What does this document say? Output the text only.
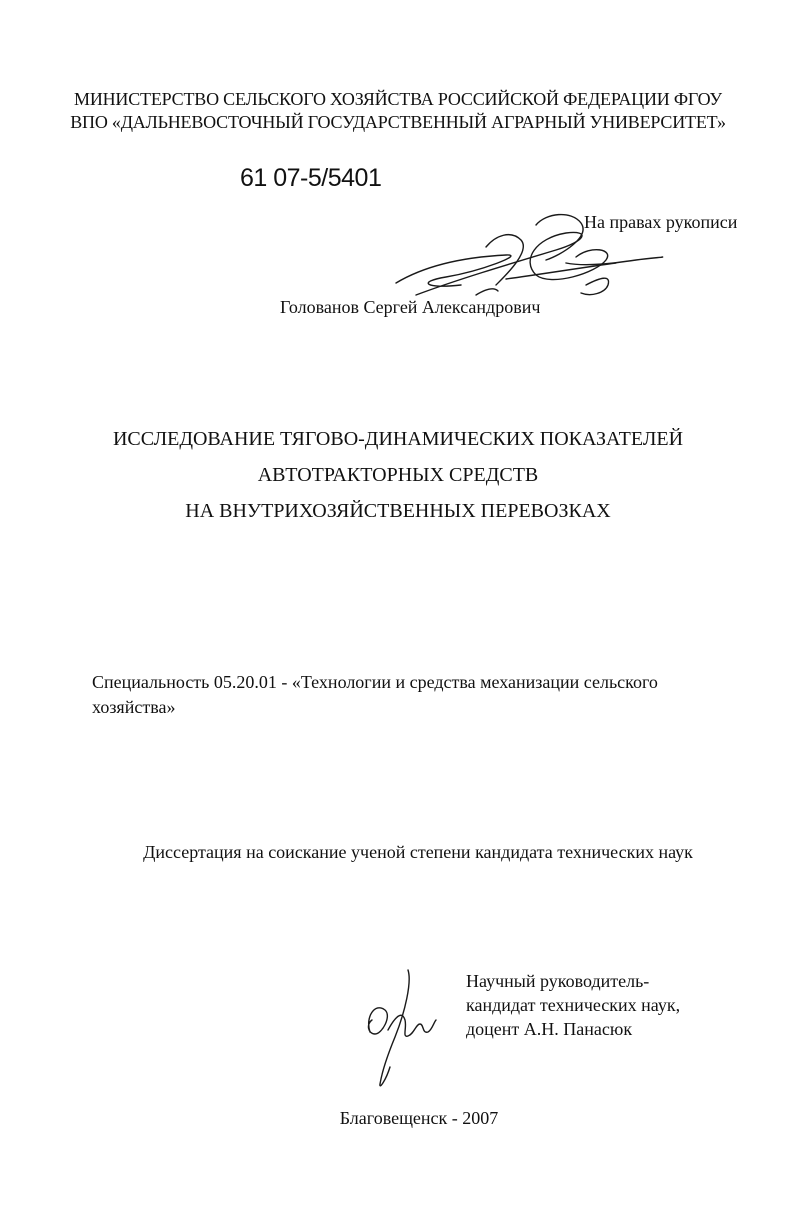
МИНИСТЕРСТВО СЕЛЬСКОГО ХОЗЯЙСТВА РОССИЙСКОЙ ФЕДЕРАЦИИ ФГОУ
ВПО «ДАЛЬНЕВОСТОЧНЫЙ ГОСУДАРСТВЕННЫЙ АГРАРНЫЙ УНИВЕРСИТЕТ»
61 07-5/5401
На правах рукописи
Голованов Сергей Александрович
ИССЛЕДОВАНИЕ ТЯГОВО-ДИНАМИЧЕСКИХ ПОКАЗАТЕЛЕЙ
АВТОТРАКТОРНЫХ СРЕДСТВ
НА ВНУТРИХОЗЯЙСТВЕННЫХ ПЕРЕВОЗКАХ
Специальность 05.20.01 - «Технологии и средства механизации сельского хозяйства»
Диссертация на соискание ученой степени кандидата технических наук
Научный руководитель-
кандидат технических наук,
доцент А.Н. Панасюк
Благовещенск - 2007
